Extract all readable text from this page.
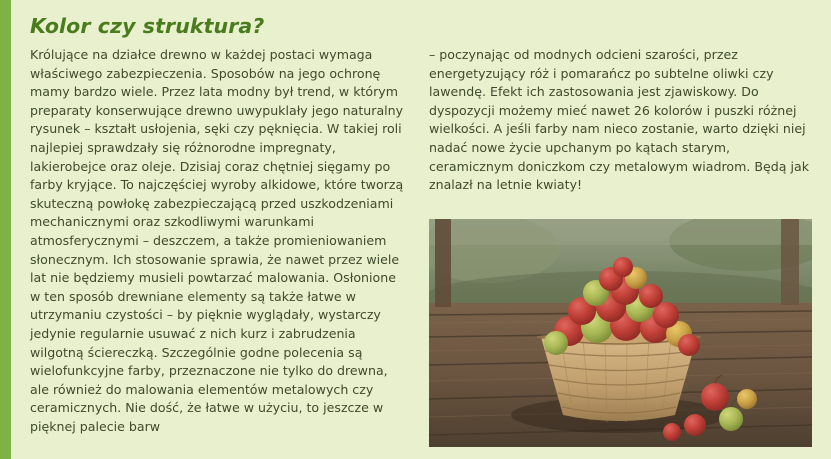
Kolor czy struktura?

Królujące na działce drewno w każdej postaci wymaga właściwego zabezpieczenia. Sposobów na jego ochronę mamy bardzo wiele. Przez lata modny był trend, w którym preparaty konserwujące drewno uwypuklały jego naturalny rysunek – kształt usłojenia, sęki czy pęknięcia. W takiej roli najlepiej sprawdzały się różnorodne impregnaty, lakierobejce oraz oleje. Dzisiaj coraz chętniej sięgamy po farby kryjące. To najczęściej wyroby alkidowe, które tworzą skuteczną powłokę zabezpieczającą przed uszkodzeniami mechanicznymi oraz szkodliwymi warunkami atmosferycznymi – deszczem, a także promieniowaniem słonecznym. Ich stosowanie sprawia, że nawet przez wiele lat nie będziemy musieli powtarzać malowania. Osłonione w ten sposób drewniane elementy są także łatwe w utrzymaniu czystości – by pięknie wyglądały, wystarczy jedynie regularnie usuwać z nich kurz i zabrudzenia wilgotną ściereczką. Szczególnie godne polecenia są wielofunkcyjne farby, przeznaczone nie tylko do drewna, ale również do malowania elementów metalowych czy ceramicznych. Nie dość, że łatwe w użyciu, to jeszcze w pięknej palecie barw

– poczynając od modnych odcieni szarości, przez energetyzujący róż i pomarańcz po subtelne oliwki czy lawendę. Efekt ich zastosowania jest zjawiskowy. Do dyspozycji możemy mieć nawet 26 kolorów i puszki różnej wielkości. A jeśli farby nam nieco zostanie, warto dzięki niej nadać nowe życie upchanym po kątach starym, ceramicznym doniczkom czy metalowym wiadrom. Będą jak znalazł na letnie kwiaty!
